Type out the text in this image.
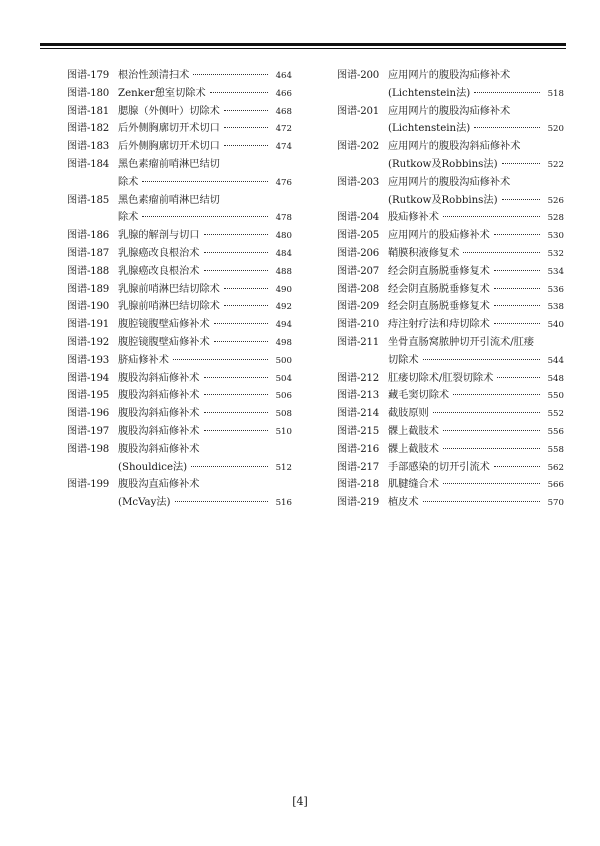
图谱-179 根治性颈清扫术	464
图谱-180 Zenker憩室切除术	466
图谱-181 腮腺（外侧叶）切除术	468
图谱-182 后外侧胸廓切开术切口	472
图谱-183 后外侧胸廓切开术切口	474
图谱-184 黑色素瘤前哨淋巴结切
除术	476
图谱-185 黑色素瘤前哨淋巴结切
除术	478
图谱-186 乳腺的解剖与切口	480
图谱-187 乳腺癌改良根治术	484
图谱-188 乳腺癌改良根治术	488
图谱-189 乳腺前哨淋巴结切除术	490
图谱-190 乳腺前哨淋巴结切除术	492
图谱-191 腹腔镜腹壁疝修补术	494
图谱-192 腹腔镜腹壁疝修补术	498
图谱-193 脐疝修补术	500
图谱-194 腹股沟斜疝修补术	504
图谱-195 腹股沟斜疝修补术	506
图谱-196 腹股沟斜疝修补术	508
图谱-197 腹股沟斜疝修补术	510
图谱-198 腹股沟斜疝修补术
(Shouldice法)	512
图谱-199 腹股沟直疝修补术
(McVay法)	516
图谱-200 应用网片的腹股沟疝修补术
(Lichtenstein法)	518
图谱-201 应用网片的腹股沟疝修补术
(Lichtenstein法)	520
图谱-202 应用网片的腹股沟斜疝修补术
(Rutkow及Robbins法)	522
图谱-203 应用网片的腹股沟疝修补术
(Rutkow及Robbins法)	526
图谱-204 股疝修补术	528
图谱-205 应用网片的股疝修补术	530
图谱-206 鞘膜积液修复术	532
图谱-207 经会阴直肠脱垂修复术	534
图谱-208 经会阴直肠脱垂修复术	536
图谱-209 经会阴直肠脱垂修复术	538
图谱-210 痔注射疗法和痔切除术	540
图谱-211 坐骨直肠窝脓肿切开引流术/肛瘘
切除术	544
图谱-212 肛瘘切除术/肛裂切除术	548
图谱-213 藏毛窦切除术	550
图谱-214 截肢原则	552
图谱-215 髁上截肢术	556
图谱-216 髁上截肢术	558
图谱-217 手部感染的切开引流术	562
图谱-218 肌腱缝合术	566
图谱-219 植皮术	570
[4]
